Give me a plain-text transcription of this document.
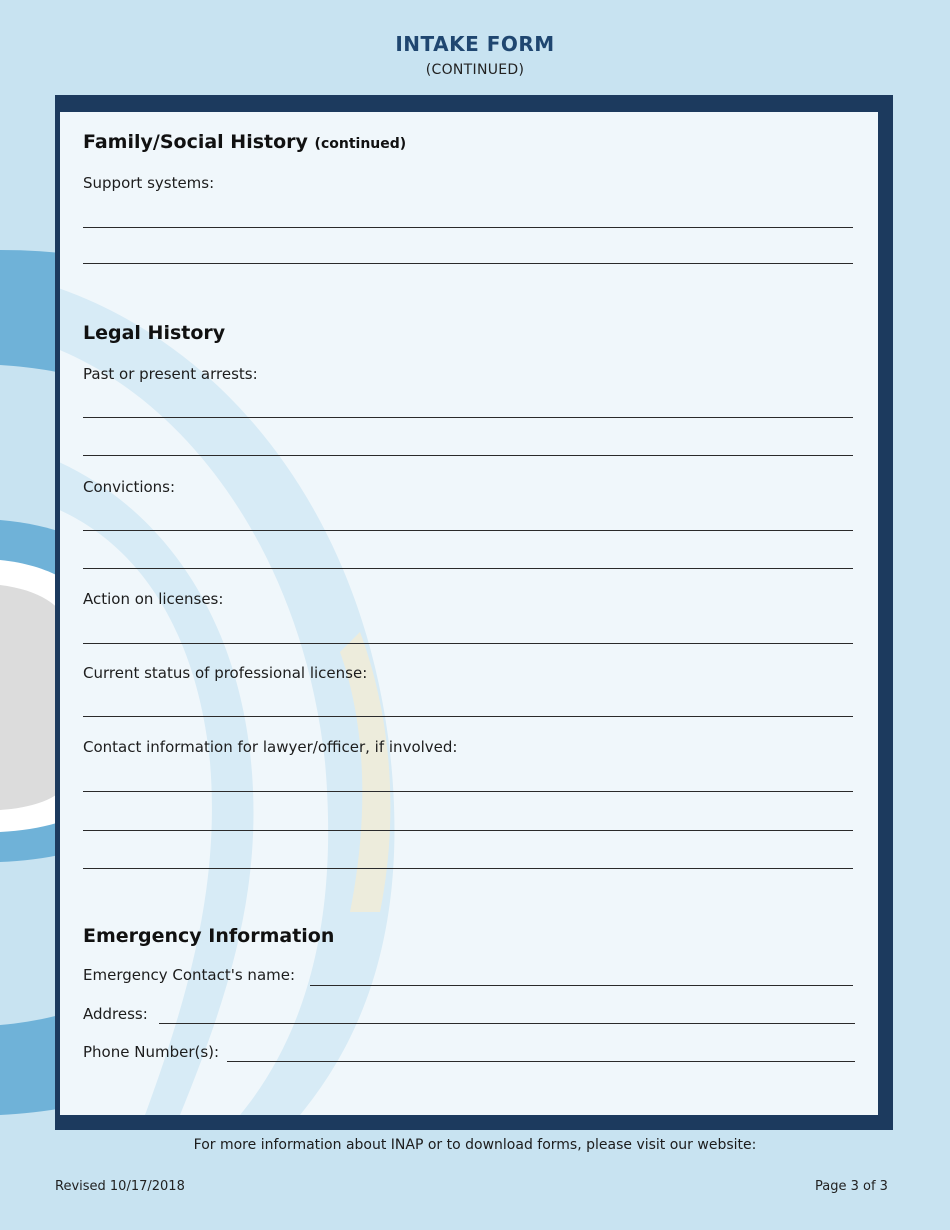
INTAKE FORM
(CONTINUED)
Family/Social History (continued)
Support systems:
Legal History
Past or present arrests:
Convictions:
Action on licenses:
Current status of professional license:
Contact information for lawyer/officer, if involved:
Emergency Information
Emergency Contact's name:
Address:
Phone Number(s):
For more information about INAP or to download forms, please visit our website:
Revised 10/17/2018	Page 3 of 3
